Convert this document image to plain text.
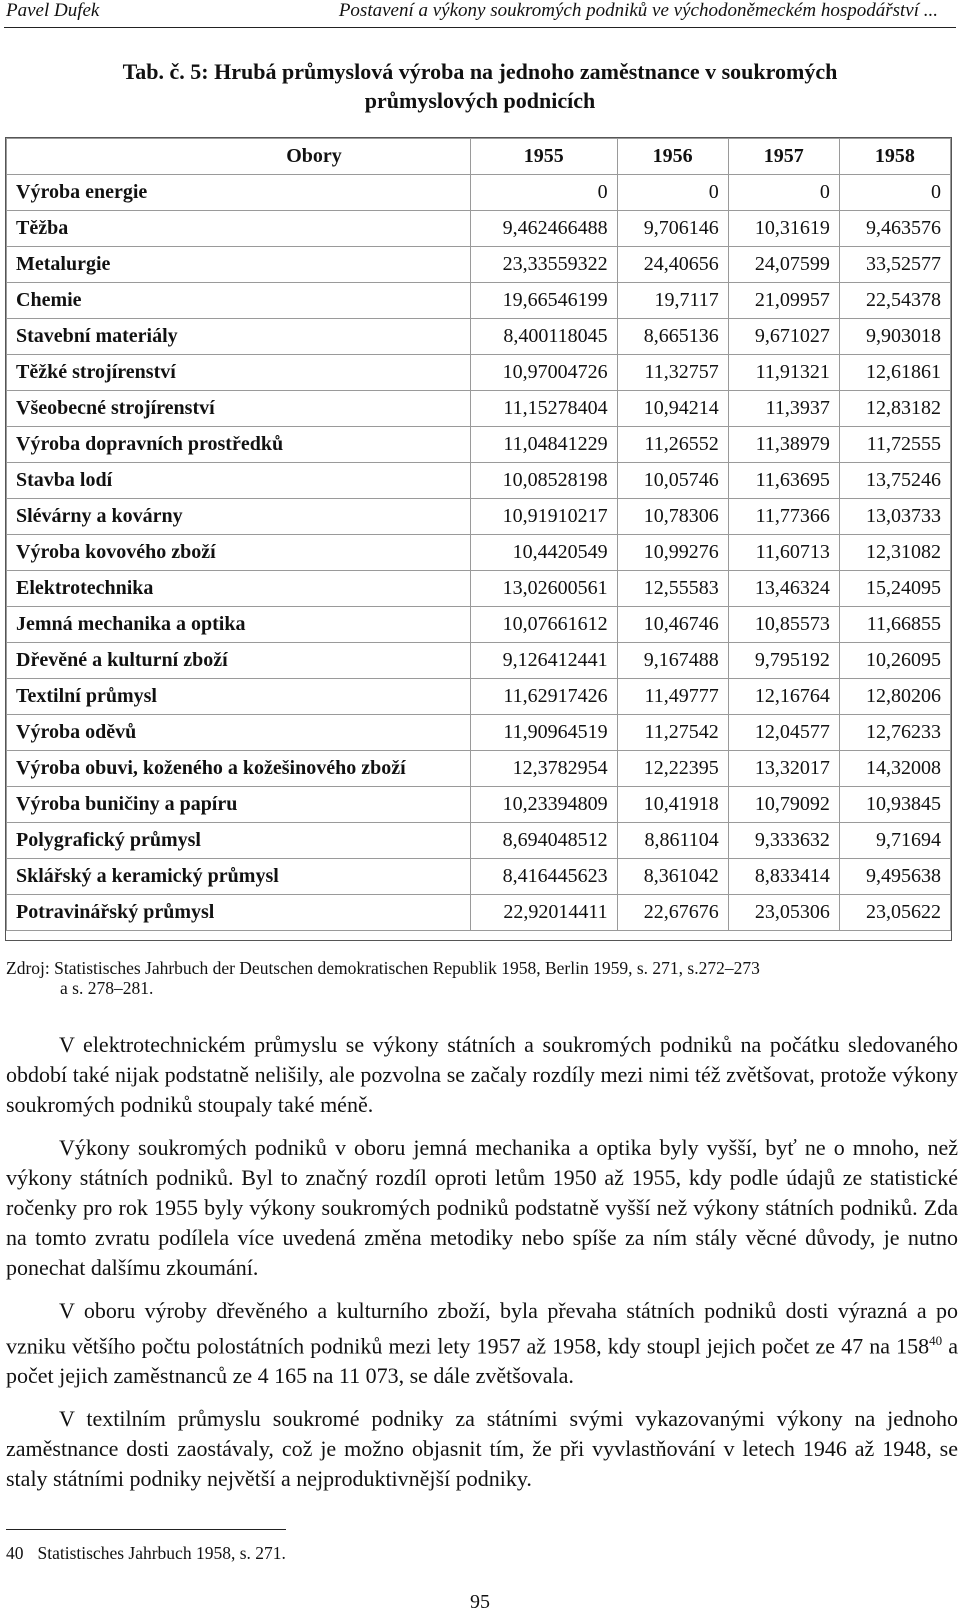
Pavel Dufek	Postavení a výkony soukromých podniků ve východoněmeckém hospodářství ...
Tab. č. 5: Hrubá průmyslová výroba na jednoho zaměstnance v soukromých
průmyslových podnicích
Obory	1955	1956	1957	1958
Výroba energie	0	0	0	0
Těžba	9,462466488	9,706146	10,31619	9,463576
Metalurgie	23,33559322	24,40656	24,07599	33,52577
Chemie	19,66546199	19,7117	21,09957	22,54378
Stavební materiály	8,400118045	8,665136	9,671027	9,903018
Těžké strojírenství	10,97004726	11,32757	11,91321	12,61861
Všeobecné strojírenství	11,15278404	10,94214	11,3937	12,83182
Výroba dopravních prostředků	11,04841229	11,26552	11,38979	11,72555
Stavba lodí	10,08528198	10,05746	11,63695	13,75246
Slévárny a kovárny	10,91910217	10,78306	11,77366	13,03733
Výroba kovového zboží	10,4420549	10,99276	11,60713	12,31082
Elektrotechnika	13,02600561	12,55583	13,46324	15,24095
Jemná mechanika a optika	10,07661612	10,46746	10,85573	11,66855
Dřevěné a kulturní zboží	9,126412441	9,167488	9,795192	10,26095
Textilní průmysl	11,62917426	11,49777	12,16764	12,80206
Výroba oděvů	11,90964519	11,27542	12,04577	12,76233
Výroba obuvi, koženého a kožešinového zboží	12,3782954	12,22395	13,32017	14,32008
Výroba buničiny a papíru	10,23394809	10,41918	10,79092	10,93845
Polygrafický průmysl	8,694048512	8,861104	9,333632	9,71694
Sklářský a keramický průmysl	8,416445623	8,361042	8,833414	9,495638
Potravinářský průmysl	22,92014411	22,67676	23,05306	23,05622
Zdroj: Statistisches Jahrbuch der Deutschen demokratischen Republik 1958, Berlin 1959, s. 271, s.272–273
a s. 278–281.

V elektrotechnickém průmyslu se výkony státních a soukromých podniků na počátku sledovaného období také nijak podstatně nelišily, ale pozvolna se začaly rozdíly mezi nimi též zvětšovat, protože výkony soukromých podniků stoupaly také méně.

Výkony soukromých podniků v oboru jemná mechanika a optika byly vyšší, byť ne o mnoho, než výkony státních podniků. Byl to značný rozdíl oproti letům 1950 až 1955, kdy podle údajů ze statistické ročenky pro rok 1955 byly výkony soukromých podniků podstatně vyšší než výkony státních podniků. Zda na tomto zvratu podílela více uvedená změna metodiky nebo spíše za ním stály věcné důvody, je nutno ponechat dalšímu zkoumání.

V oboru výroby dřevěného a kulturního zboží, byla převaha státních podniků dosti výrazná a po vzniku většího počtu polostátních podniků mezi lety 1957 až 1958, kdy stoupl jejich počet ze 47 na $158^{40}$ a počet jejich zaměstnanců ze 4 165 na 11 073, se dále zvětšovala.

V textilním průmyslu soukromé podniky za státními svými vykazovanými výkony na jednoho zaměstnance dosti zaostávaly, což je možno objasnit tím, že při vyvlastňování v letech 1946 až 1948, se staly státními podniky největší a nejproduktivnější podniky.

40 Statistisches Jahrbuch 1958, s. 271.
95
